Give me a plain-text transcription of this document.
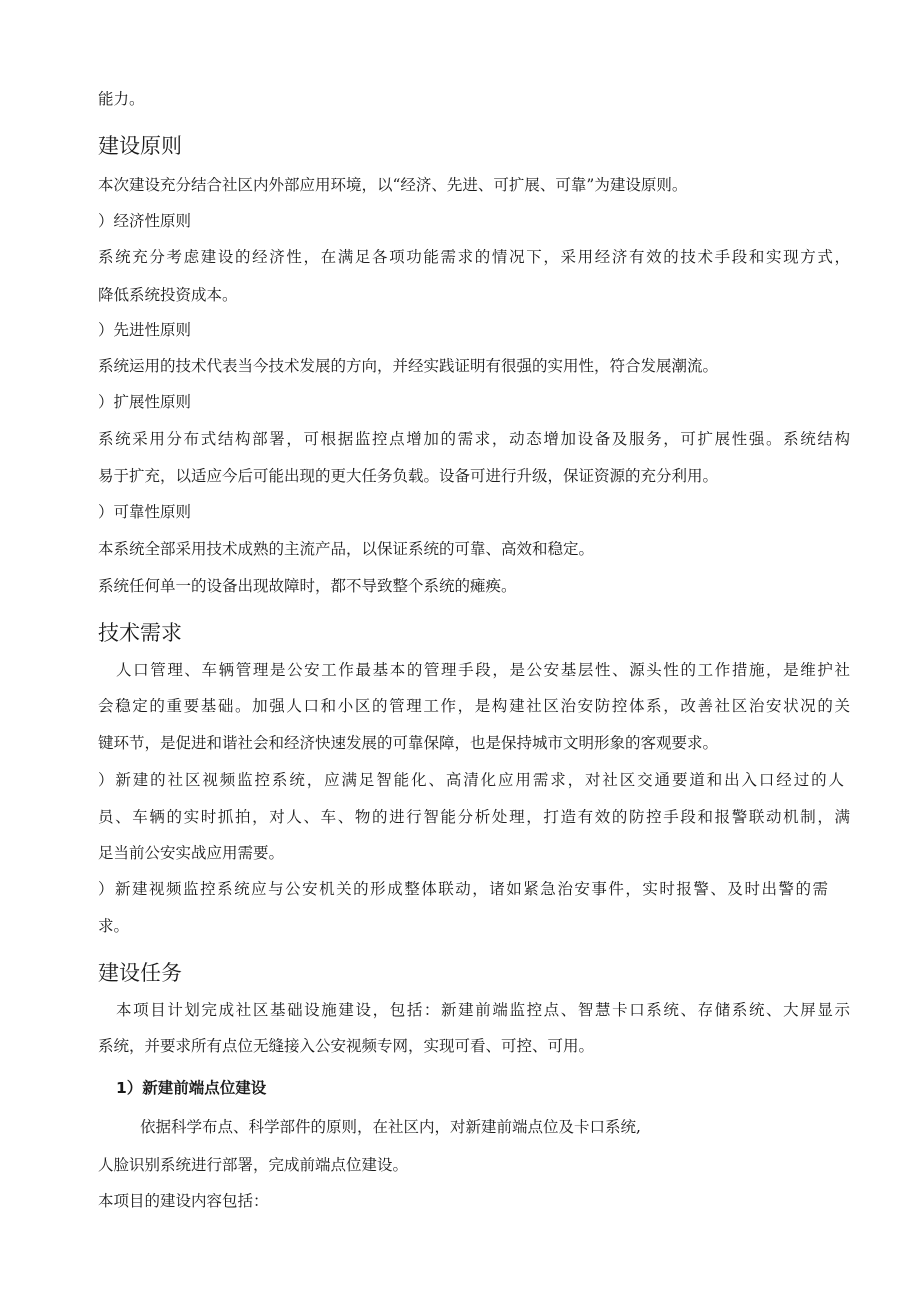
能力。
建设原则
本次建设充分结合社区内外部应用环境，以“经济、先进、可扩展、可靠”为建设原则。
）经济性原则
系统充分考虑建设的经济性，在满足各项功能需求的情况下，采用经济有效的技术手段和实现方式，
降低系统投资成本。
）先进性原则
系统运用的技术代表当今技术发展的方向，并经实践证明有很强的实用性，符合发展潮流。
）扩展性原则
系统采用分布式结构部署，可根据监控点增加的需求，动态增加设备及服务，可扩展性强。系统结构
易于扩充，以适应今后可能出现的更大任务负载。设备可进行升级，保证资源的充分利用。
）可靠性原则
本系统全部采用技术成熟的主流产品，以保证系统的可靠、高效和稳定。
系统任何单一的设备出现故障时，都不导致整个系统的瘫痪。
技术需求
人口管理、车辆管理是公安工作最基本的管理手段，是公安基层性、源头性的工作措施，是维护社
会稳定的重要基础。加强人口和小区的管理工作，是构建社区治安防控体系，改善社区治安状况的关
键环节，是促进和谐社会和经济快速发展的可靠保障，也是保持城市文明形象的客观要求。
）新建的社区视频监控系统，应满足智能化、高清化应用需求，对社区交通要道和出入口经过的人
员、车辆的实时抓拍，对人、车、物的进行智能分析处理，打造有效的防控手段和报警联动机制，满
足当前公安实战应用需要。
）新建视频监控系统应与公安机关的形成整体联动，诸如紧急治安事件，实时报警、及时出警的需
求。
建设任务
本项目计划完成社区基础设施建设，包括：新建前端监控点、智慧卡口系统、存储系统、大屏显示
系统，并要求所有点位无缝接入公安视频专网，实现可看、可控、可用。
1）新建前端点位建设
依据科学布点、科学部件的原则，在社区内，对新建前端点位及卡口系统,
人脸识别系统进行部署，完成前端点位建设。
本项目的建设内容包括：
